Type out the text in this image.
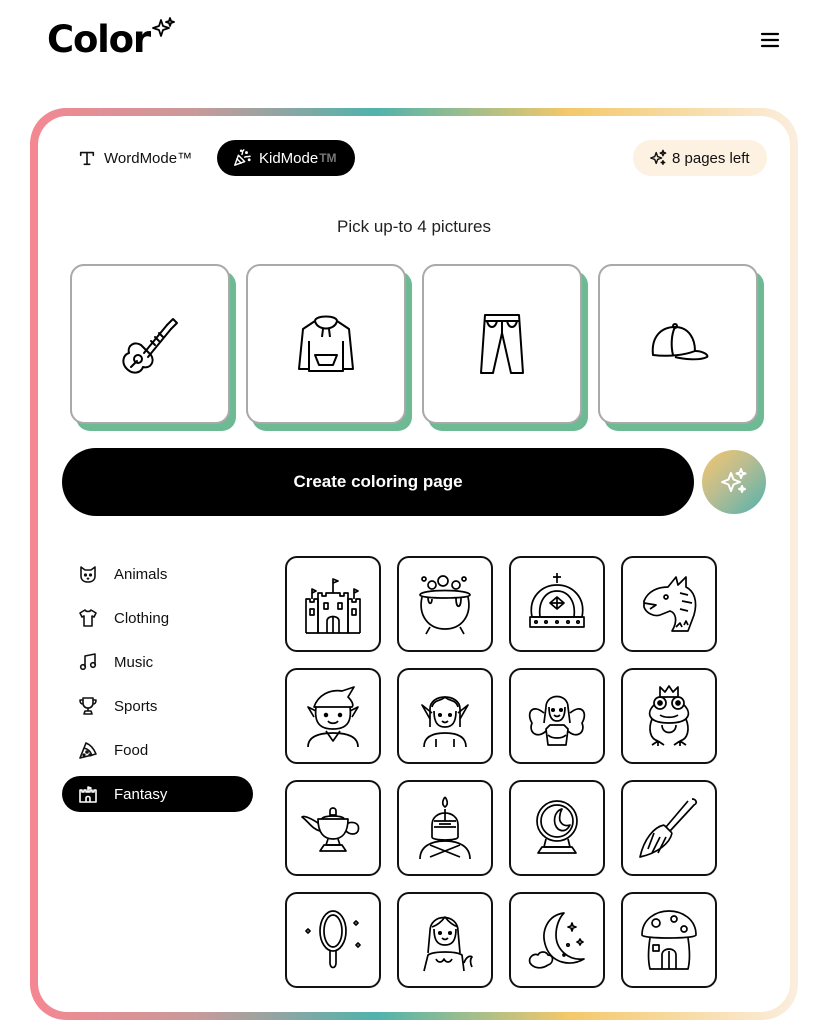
Color
WordMode™	KidMode TM	8 pages left
Pick up-to 4 pictures
Create coloring page
Animals
Clothing
Music
Sports
Food
Fantasy
